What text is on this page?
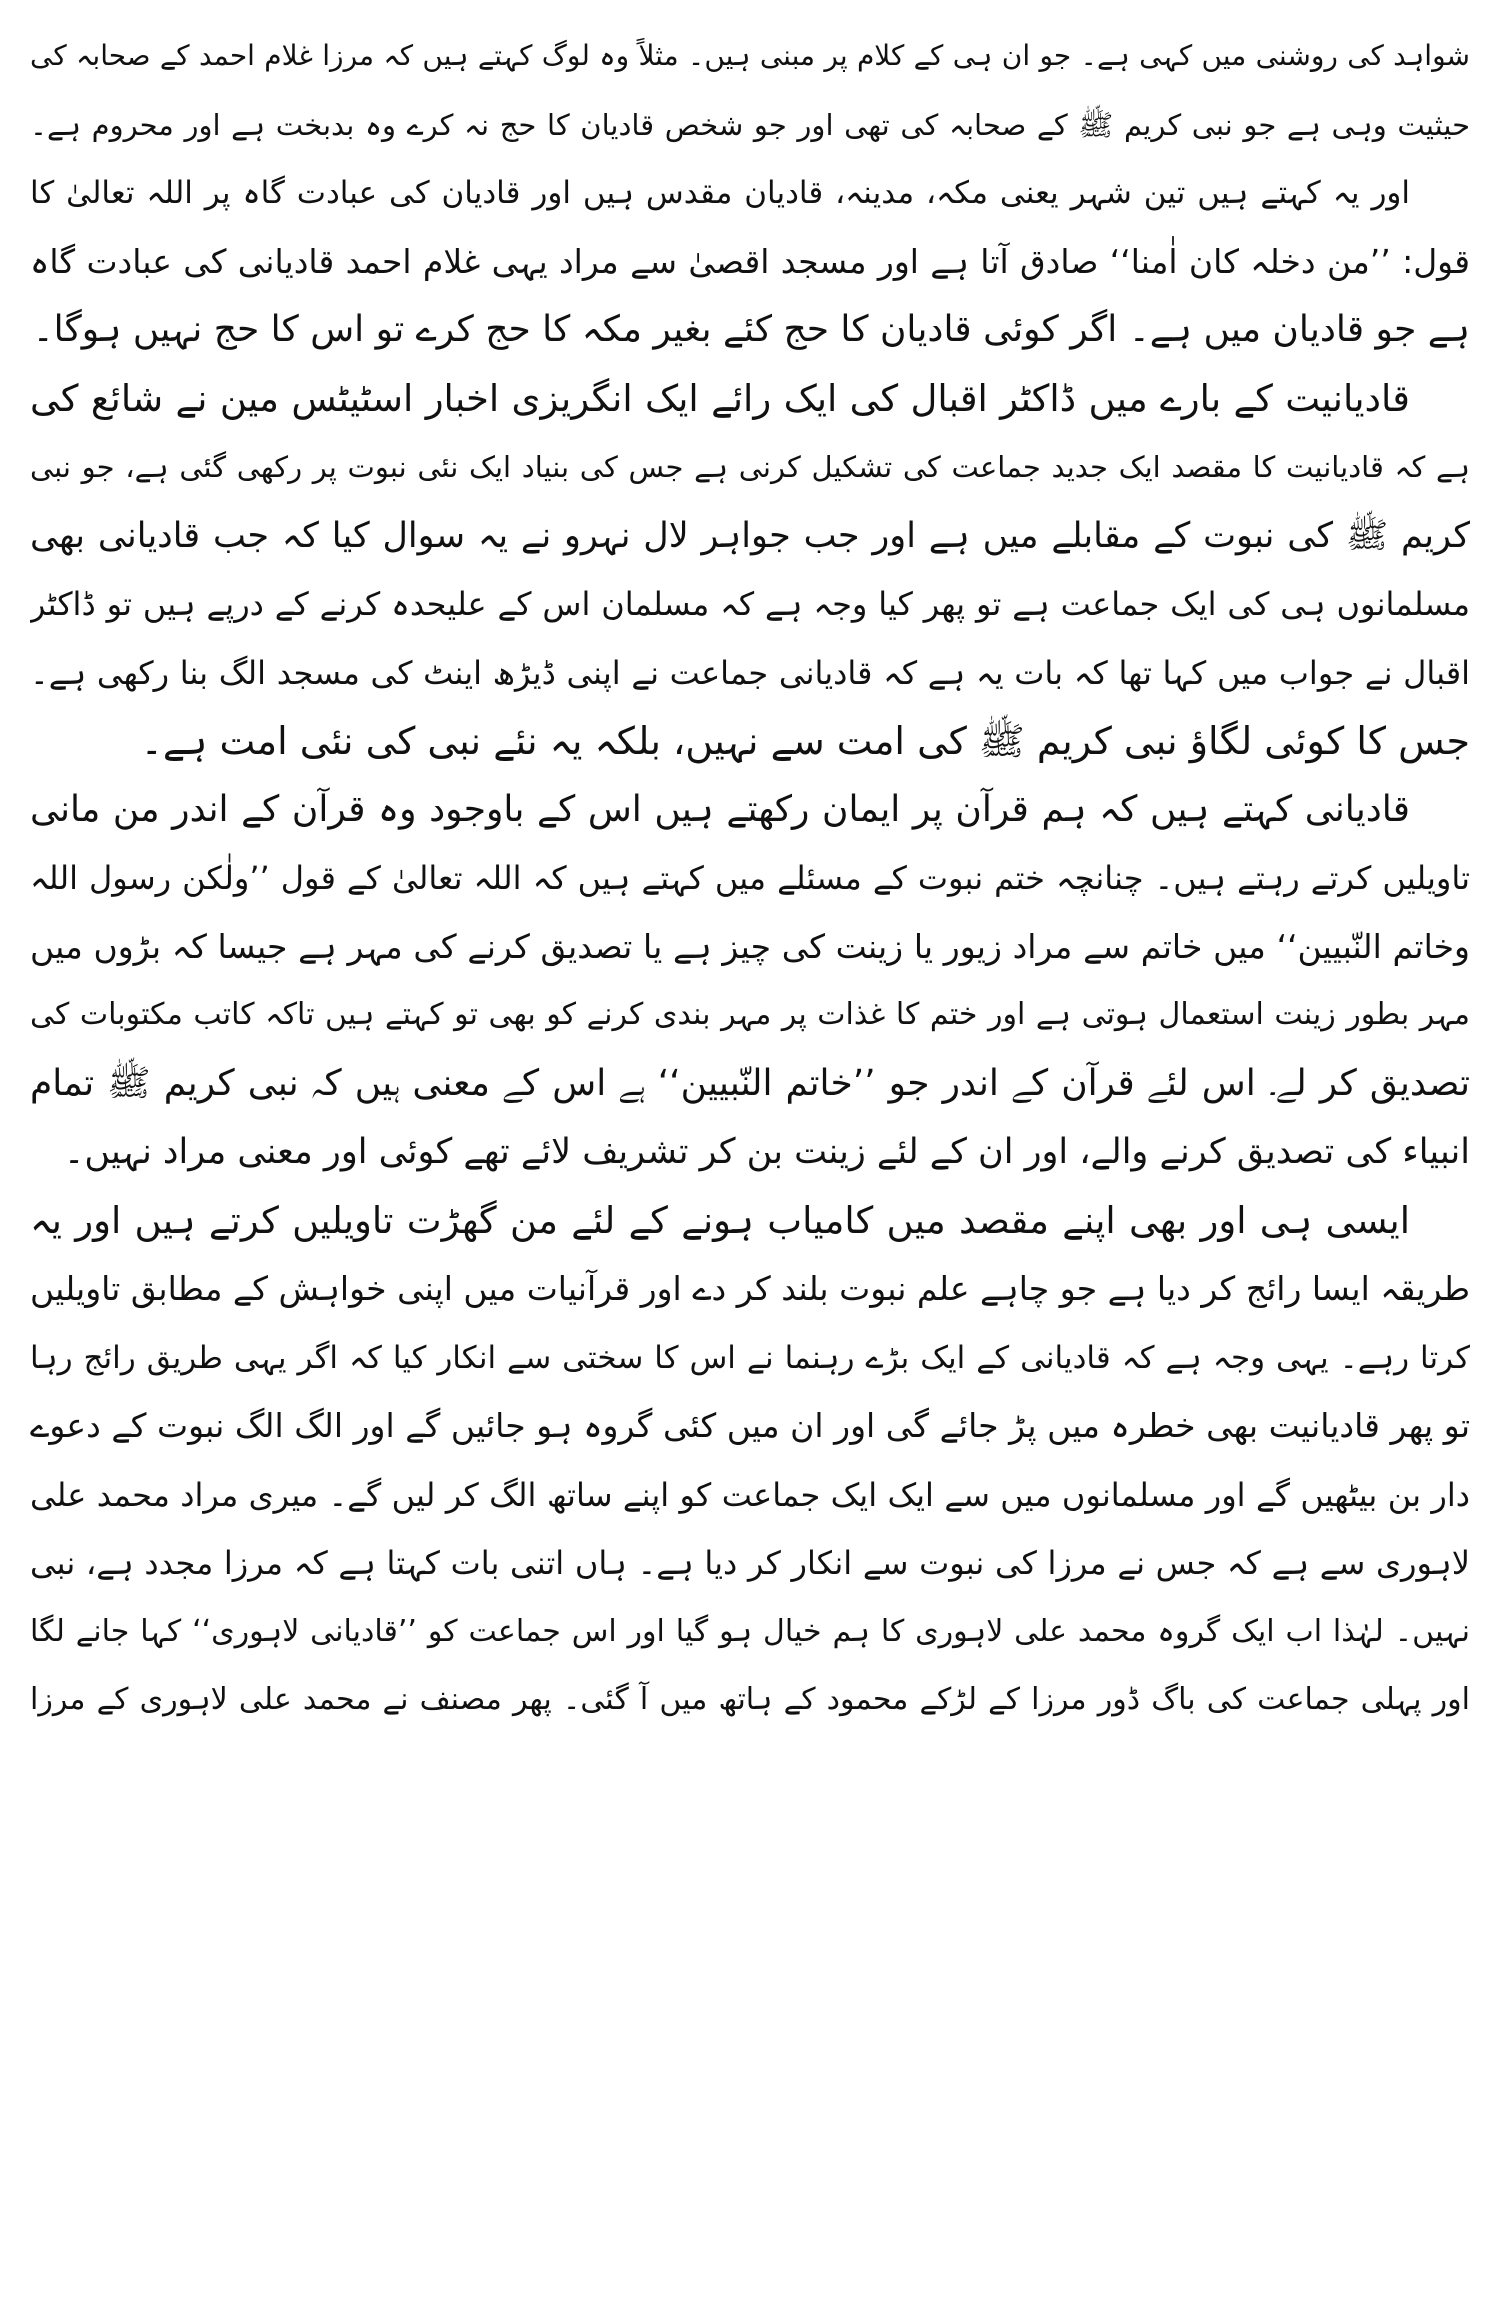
شواہد کی روشنی میں کہی ہے۔ جو ان ہی کے کلام پر مبنی ہیں۔ مثلاً وہ لوگ کہتے ہیں کہ مرزا غلام احمد کے صحابہ کی
حیثیت وہی ہے جو نبی کریم ﷺ کے صحابہ کی تھی اور جو شخص قادیان کا حج نہ کرے وہ بدبخت ہے اور محروم ہے۔
اور یہ کہتے ہیں تین شہر یعنی مکہ، مدینہ، قادیان مقدس ہیں اور قادیان کی عبادت گاہ پر اللہ تعالیٰ کا
قول: ’’من دخلہ کان اٰمنا‘‘ صادق آتا ہے اور مسجد اقصیٰ سے مراد یہی غلام احمد قادیانی کی عبادت گاہ
ہے جو قادیان میں ہے۔ اگر کوئی قادیان کا حج کئے بغیر مکہ کا حج کرے تو اس کا حج نہیں ہوگا۔
قادیانیت کے بارے میں ڈاکٹر اقبال کی ایک رائے ایک انگریزی اخبار اسٹیٹس مین نے شائع کی
ہے کہ قادیانیت کا مقصد ایک جدید جماعت کی تشکیل کرنی ہے جس کی بنیاد ایک نئی نبوت پر رکھی گئی ہے، جو نبی
کریم ﷺ کی نبوت کے مقابلے میں ہے اور جب جواہر لال نہرو نے یہ سوال کیا کہ جب قادیانی بھی
مسلمانوں ہی کی ایک جماعت ہے تو پھر کیا وجہ ہے کہ مسلمان اس کے علیحدہ کرنے کے درپے ہیں تو ڈاکٹر
اقبال نے جواب میں کہا تھا کہ بات یہ ہے کہ قادیانی جماعت نے اپنی ڈیڑھ اینٹ کی مسجد الگ بنا رکھی ہے۔
جس کا کوئی لگاؤ نبی کریم ﷺ کی امت سے نہیں، بلکہ یہ نئے نبی کی نئی امت ہے۔
قادیانی کہتے ہیں کہ ہم قرآن پر ایمان رکھتے ہیں اس کے باوجود وہ قرآن کے اندر من مانی
تاویلیں کرتے رہتے ہیں۔ چنانچہ ختم نبوت کے مسئلے میں کہتے ہیں کہ اللہ تعالیٰ کے قول ’’ولٰکن رسول اللہ
وخاتم النّبیین‘‘ میں خاتم سے مراد زیور یا زینت کی چیز ہے یا تصدیق کرنے کی مہر ہے جیسا کہ بڑوں میں
مہر بطور زینت استعمال ہوتی ہے اور ختم کا غذات پر مہر بندی کرنے کو بھی تو کہتے ہیں تاکہ کاتب مکتوبات کی
تصدیق کر لے۔ اس لئے قرآن کے اندر جو ’’خاتم النّبیین‘‘ ہے اس کے معنی ہیں کہ نبی کریم ﷺ تمام
انبیاء کی تصدیق کرنے والے، اور ان کے لئے زینت بن کر تشریف لائے تھے کوئی اور معنی مراد نہیں۔
ایسی ہی اور بھی اپنے مقصد میں کامیاب ہونے کے لئے من گھڑت تاویلیں کرتے ہیں اور یہ
طریقہ ایسا رائج کر دیا ہے جو چاہے علم نبوت بلند کر دے اور قرآنیات میں اپنی خواہش کے مطابق تاویلیں
کرتا رہے۔ یہی وجہ ہے کہ قادیانی کے ایک بڑے رہنما نے اس کا سختی سے انکار کیا کہ اگر یہی طریق رائج رہا
تو پھر قادیانیت بھی خطرہ میں پڑ جائے گی اور ان میں کئی گروہ ہو جائیں گے اور الگ الگ نبوت کے دعوے
دار بن بیٹھیں گے اور مسلمانوں میں سے ایک ایک جماعت کو اپنے ساتھ الگ کر لیں گے۔ میری مراد محمد علی
لاہوری سے ہے کہ جس نے مرزا کی نبوت سے انکار کر دیا ہے۔ ہاں اتنی بات کہتا ہے کہ مرزا مجدد ہے، نبی
نہیں۔ لہٰذا اب ایک گروہ محمد علی لاہوری کا ہم خیال ہو گیا اور اس جماعت کو ’’قادیانی لاہوری‘‘ کہا جانے لگا
اور پہلی جماعت کی باگ ڈور مرزا کے لڑکے محمود کے ہاتھ میں آ گئی۔ پھر مصنف نے محمد علی لاہوری کے مرزا
